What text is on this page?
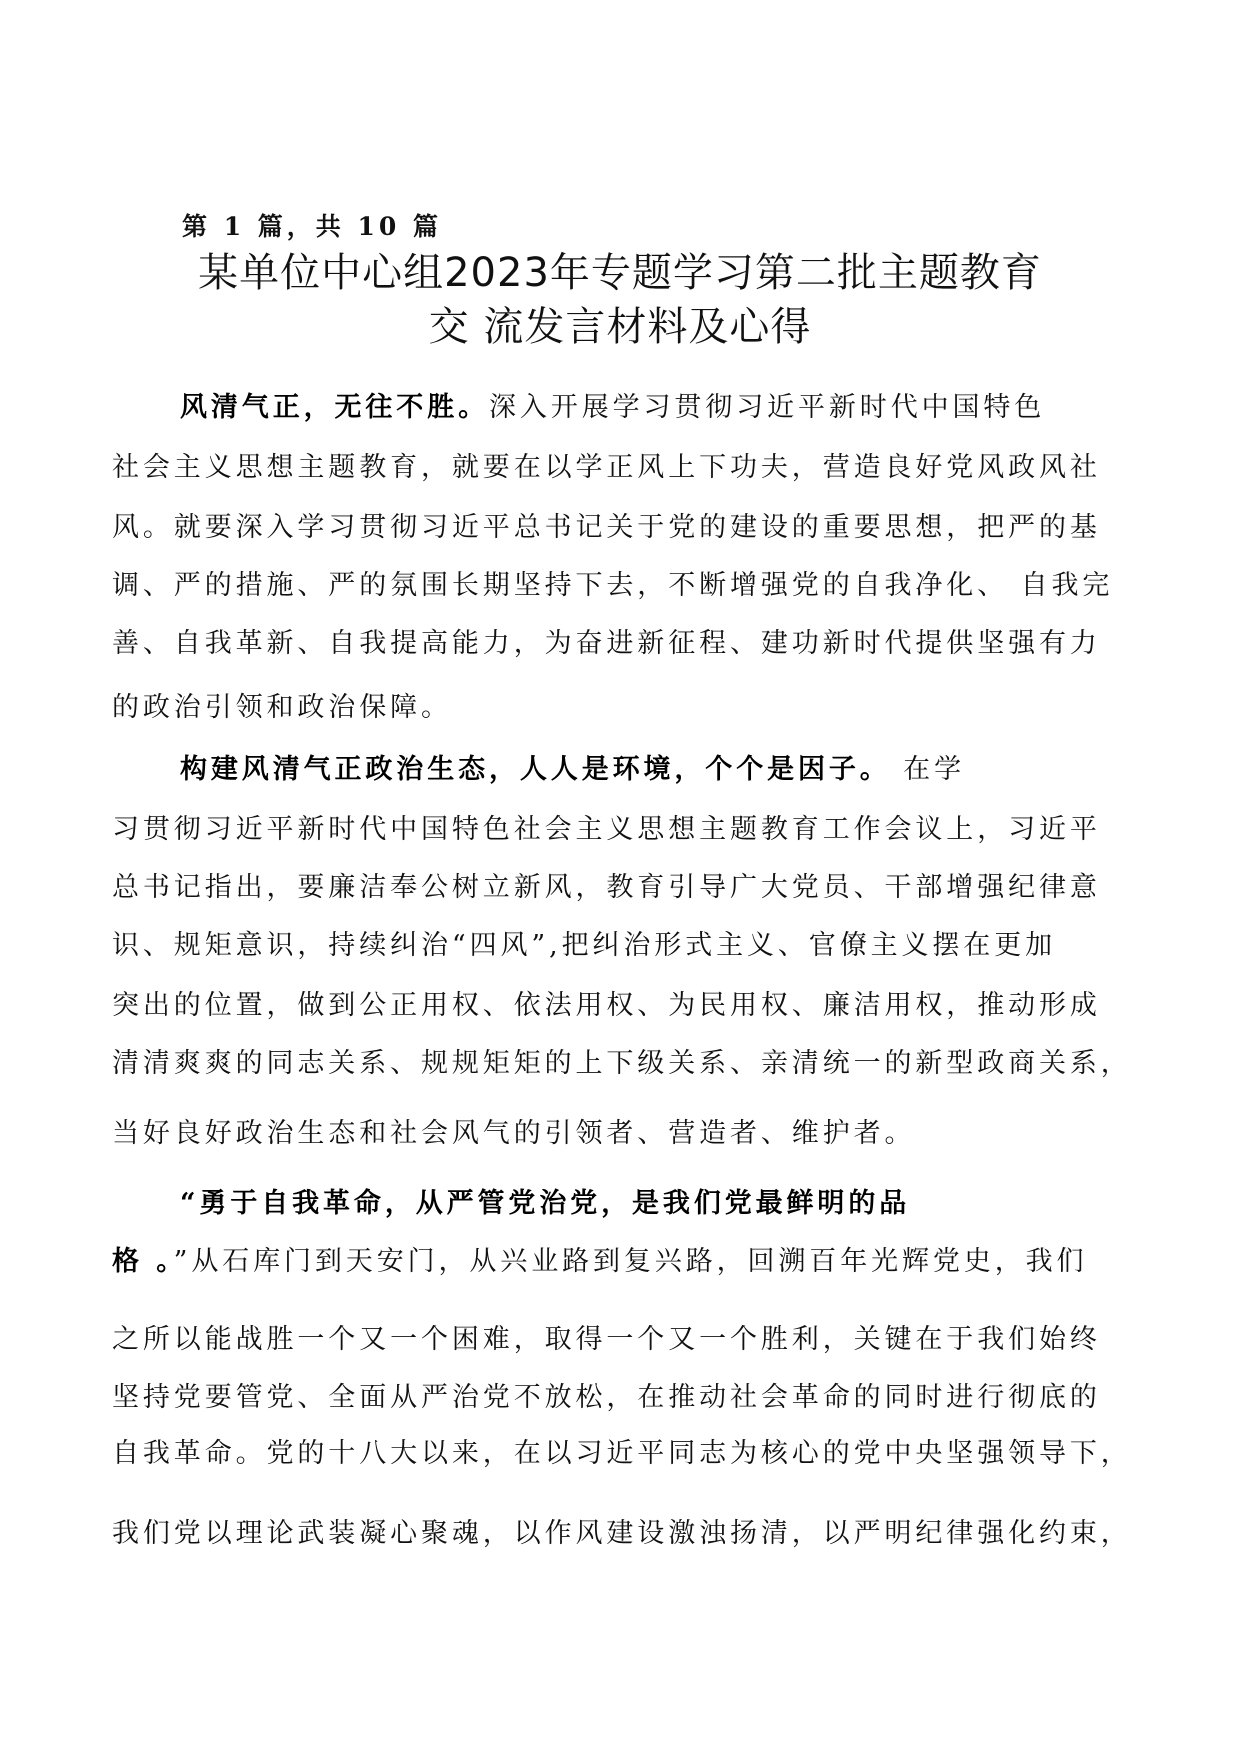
第 1 篇，共 10 篇
某单位中心组2023年专题学习第二批主题教育
交 流发言材料及心得
风清气正，无往不胜。深入开展学习贯彻习近平新时代中国特色
社会主义思想主题教育，就要在以学正风上下功夫，营造良好党风政风社
风。就要深入学习贯彻习近平总书记关于党的建设的重要思想，把严的基
调、严的措施、严的氛围长期坚持下去，不断增强党的自我净化、 自我完
善、自我革新、自我提高能力，为奋进新征程、建功新时代提供坚强有力
的政治引领和政治保障。
构建风清气正政治生态，人人是环境，个个是因子。 在学
习贯彻习近平新时代中国特色社会主义思想主题教育工作会议上，习近平
总书记指出，要廉洁奉公树立新风，教育引导广大党员、干部增强纪律意
识、规矩意识，持续纠治“四风”,把纠治形式主义、官僚主义摆在更加
突出的位置，做到公正用权、依法用权、为民用权、廉洁用权，推动形成
清清爽爽的同志关系、规规矩矩的上下级关系、亲清统一的新型政商关系，
当好良好政治生态和社会风气的引领者、营造者、维护者。
“勇于自我革命，从严管党治党，是我们党最鲜明的品
格 。”从石库门到天安门，从兴业路到复兴路，回溯百年光辉党史，我们
之所以能战胜一个又一个困难，取得一个又一个胜利，关键在于我们始终
坚持党要管党、全面从严治党不放松，在推动社会革命的同时进行彻底的
自我革命。党的十八大以来，在以习近平同志为核心的党中央坚强领导下，
我们党以理论武装凝心聚魂，以作风建设激浊扬清，以严明纪律强化约束，
